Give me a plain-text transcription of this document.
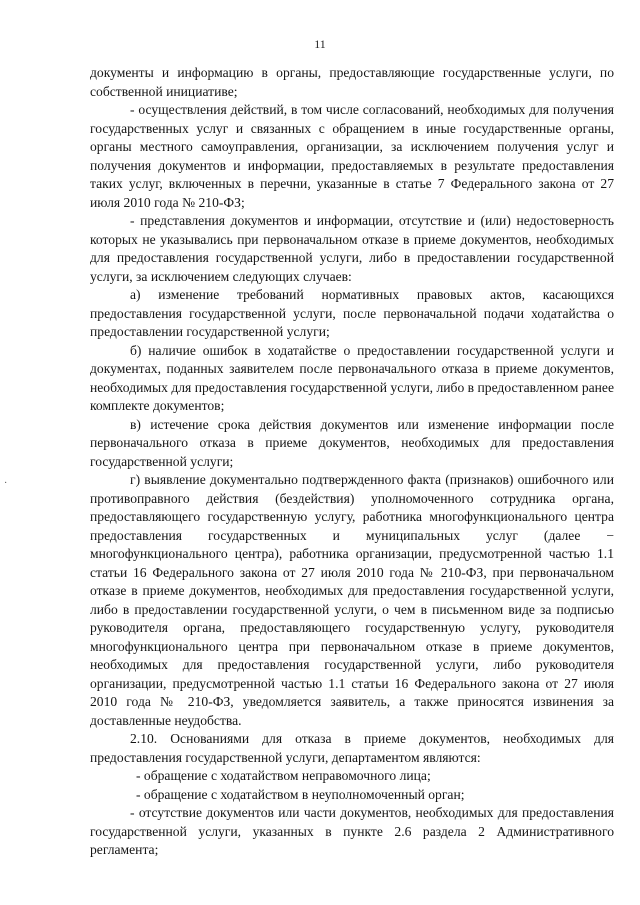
11
·

документы и информацию в органы, предоставляющие государственные услуги, по собственной инициативе;

- осуществления действий, в том числе согласований, необходимых для получения государственных услуг и связанных с обращением в иные государственные органы, органы местного самоуправления, организации, за исключением получения услуг и получения документов и информации, предоставляемых в результате предоставления таких услуг, включенных в перечни, указанные в статье 7 Федерального закона от 27 июля 2010 года № 210-ФЗ;

- представления документов и информации, отсутствие и (или) недостоверность которых не указывались при первоначальном отказе в приеме документов, необходимых для предоставления государственной услуги, либо в предоставлении государственной услуги, за исключением следующих случаев:

а) изменение требований нормативных правовых актов, касающихся предоставления государственной услуги, после первоначальной подачи ходатайства о предоставлении государственной услуги;

б) наличие ошибок в ходатайстве о предоставлении государственной услуги и документах, поданных заявителем после первоначального отказа в приеме документов, необходимых для предоставления государственной услуги, либо в предоставленном ранее комплекте документов;

в) истечение срока действия документов или изменение информации после первоначального отказа в приеме документов, необходимых для предоставления государственной услуги;

г) выявление документально подтвержденного факта (признаков) ошибочного или противоправного действия (бездействия) уполномоченного сотрудника органа, предоставляющего государственную услугу, работника многофункционального центра предоставления государственных и муниципальных услуг (далее − многофункционального центра), работника организации, предусмотренной частью 1.1 статьи 16 Федерального закона от 27 июля 2010 года № 210-ФЗ, при первоначальном отказе в приеме документов, необходимых для предоставления государственной услуги, либо в предоставлении государственной услуги, о чем в письменном виде за подписью руководителя органа, предоставляющего государственную услугу, руководителя многофункционального центра при первоначальном отказе в приеме документов, необходимых для предоставления государственной услуги, либо руководителя организации, предусмотренной частью 1.1 статьи 16 Федерального закона от 27 июля 2010 года № 210-ФЗ, уведомляется заявитель, а также приносятся извинения за доставленные неудобства.

2.10. Основаниями для отказа в приеме документов, необходимых для предоставления государственной услуги, департаментом являются:

- обращение с ходатайством неправомочного лица;

- обращение с ходатайством в неуполномоченный орган;

- отсутствие документов или части документов, необходимых для предоставления государственной услуги, указанных в пункте 2.6 раздела 2 Административного регламента;
